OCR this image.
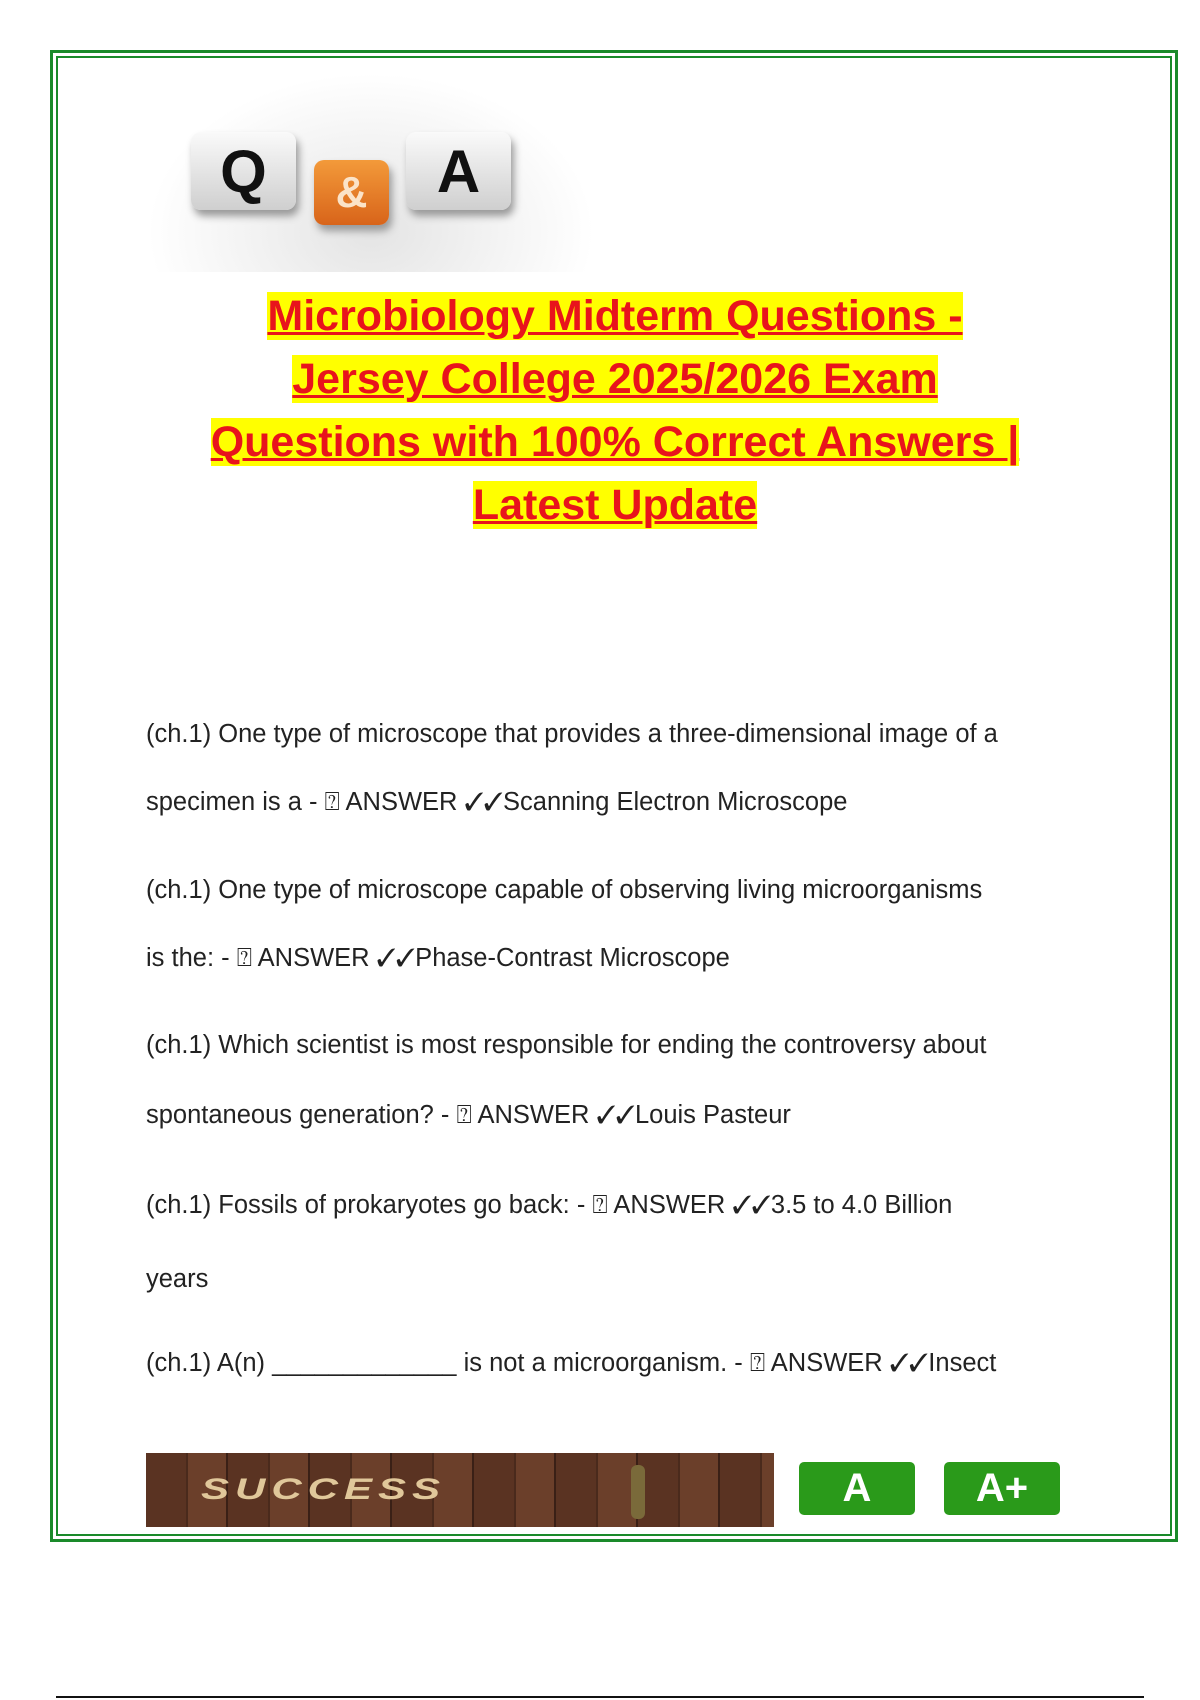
Q	&	A
Microbiology Midterm Questions -
Jersey College 2025/2026 Exam
Questions with 100% Correct Answers |
Latest Update
(ch.1) One type of microscope that provides a three-dimensional image of a
specimen is a - ⍰ ANSWER ✓✓Scanning Electron Microscope
(ch.1) One type of microscope capable of observing living microorganisms
is the: - ⍰ ANSWER ✓✓Phase-Contrast Microscope
(ch.1) Which scientist is most responsible for ending the controversy about
spontaneous generation? - ⍰ ANSWER ✓✓Louis Pasteur
(ch.1) Fossils of prokaryotes go back: - ⍰ ANSWER ✓✓3.5 to 4.0 Billion
years
(ch.1) A(n) _____________ is not a microorganism. - ⍰ ANSWER ✓✓Insect
SUCCESS	A	A+
